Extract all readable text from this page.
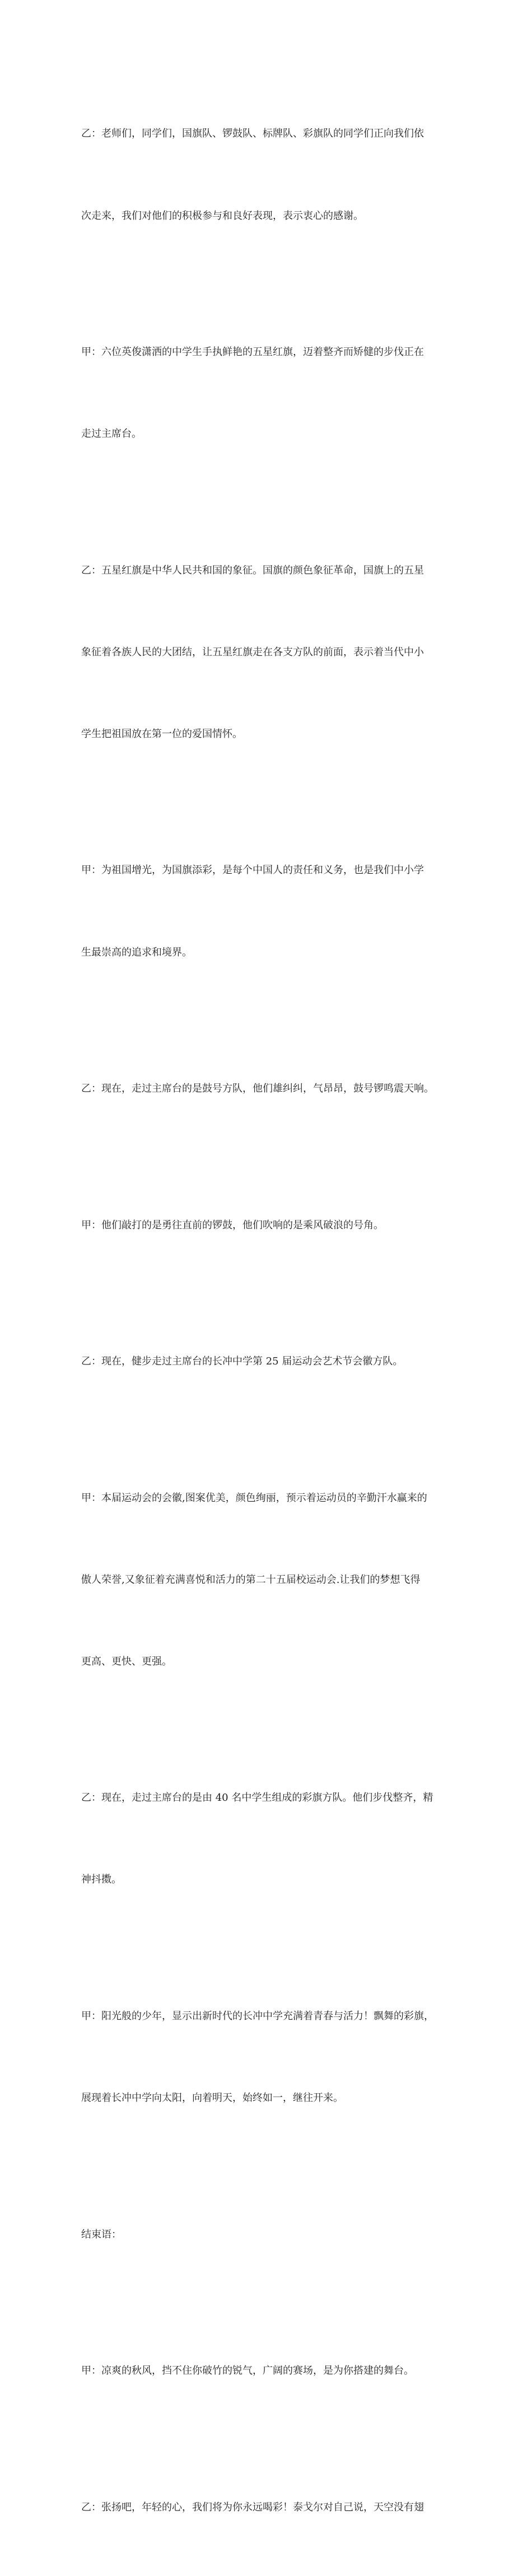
乙：老师们，同学们，国旗队、锣鼓队、标牌队、彩旗队的同学们正向我们依

次走来，我们对他们的积极参与和良好表现，表示衷心的感谢。

甲：六位英俊潇洒的中学生手执鲜艳的五星红旗，迈着整齐而矫健的步伐正在

走过主席台。

乙：五星红旗是中华人民共和国的象征。国旗的颜色象征革命，国旗上的五星

象征着各族人民的大团结，让五星红旗走在各支方队的前面，表示着当代中小

学生把祖国放在第一位的爱国情怀。

甲：为祖国增光，为国旗添彩，是每个中国人的责任和义务，也是我们中小学

生最崇高的追求和境界。

乙：现在，走过主席台的是鼓号方队，他们雄纠纠，气昂昂，鼓号锣鸣震天响。

甲：他们敲打的是勇往直前的锣鼓，他们吹响的是乘风破浪的号角。

乙：现在，健步走过主席台的长冲中学第 25 届运动会艺术节会徽方队。

甲：本届运动会的会徽,图案优美，颜色绚丽，预示着运动员的辛勤汗水赢来的

傲人荣誉,又象征着充满喜悦和活力的第二十五届校运动会.让我们的梦想飞得

更高、更快、更强。

乙：现在，走过主席台的是由 40 名中学生组成的彩旗方队。他们步伐整齐，精

神抖擞。

甲：阳光般的少年，显示出新时代的长冲中学充满着青春与活力！飘舞的彩旗，

展现着长冲中学向太阳，向着明天，始终如一，继往开来。

结束语：

甲：凉爽的秋风，挡不住你破竹的锐气，广阔的赛场，是为你搭建的舞台。

乙：张扬吧，年轻的心，我们将为你永远喝彩！泰戈尔对自己说，天空没有翅
